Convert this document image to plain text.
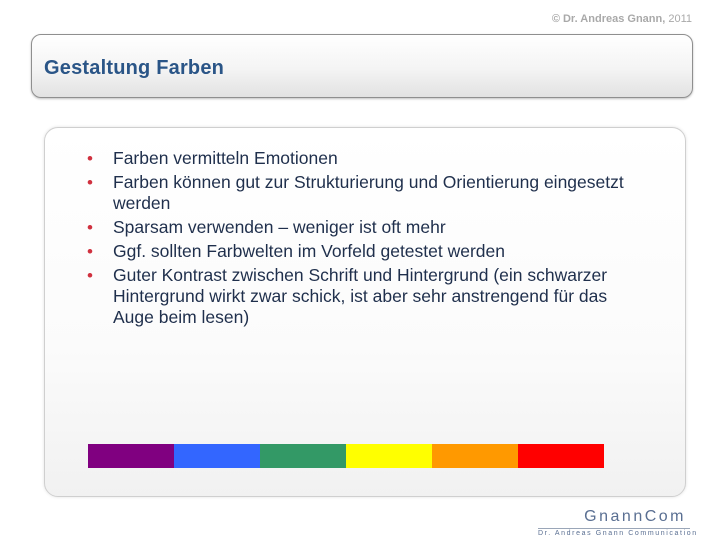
© Dr. Andreas Gnann, 2011
Gestaltung Farben
• Farben vermitteln Emotionen
• Farben können gut zur Strukturierung und Orientierung eingesetzt werden
• Sparsam verwenden – weniger ist oft mehr
• Ggf. sollten Farbwelten im Vorfeld getestet werden
• Guter Kontrast zwischen Schrift und Hintergrund (ein schwarzer Hintergrund wirkt zwar schick, ist aber sehr anstrengend für das Auge beim lesen)
GnannCom
Dr. Andreas Gnann Communication
